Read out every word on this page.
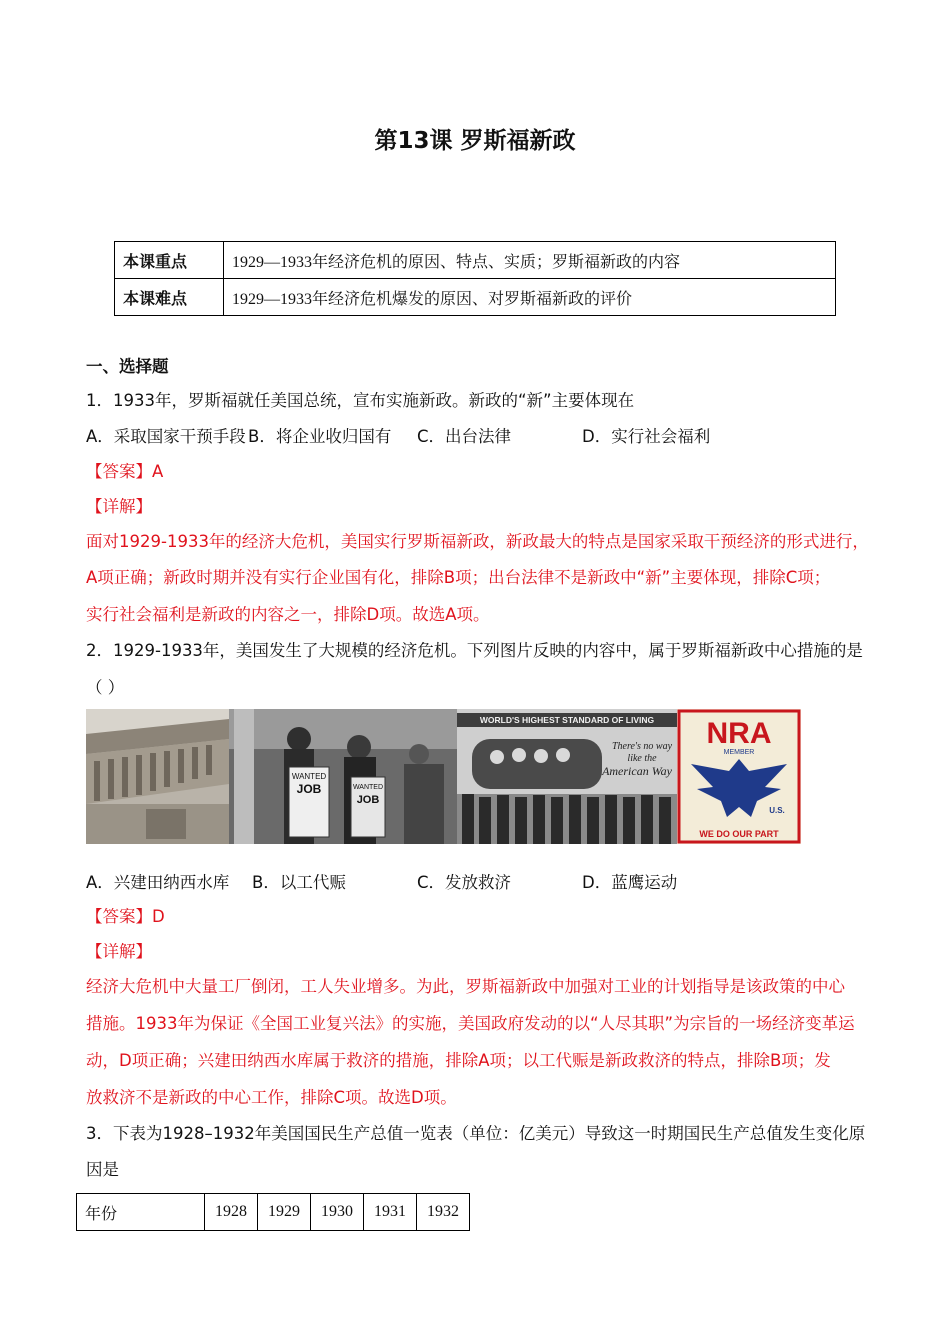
第13课 罗斯福新政
本课重点	1929—1933年经济危机的原因、特点、实质；罗斯福新政的内容
本课难点	1929—1933年经济危机爆发的原因、对罗斯福新政的评价
一、选择题
1．1933年，罗斯福就任美国总统，宣布实施新政。新政的“新”主要体现在
A．采取国家干预手段 B．将企业收归国有 C．出台法律	D．实行社会福利
【答案】A
【详解】
面对1929-1933年的经济大危机，美国实行罗斯福新政，新政最大的特点是国家采取干预经济的形式进行，
A项正确；新政时期并没有实行企业国有化，排除B项；出台法律不是新政中“新”主要体现，排除C项；
实行社会福利是新政的内容之一，排除D项。故选A项。
2．1929-1933年，美国发生了大规模的经济危机。下列图片反映的内容中，属于罗斯福新政中心措施的是
（ ）
WANTED
JOB	WANTED
JOB
WORLD'S HIGHEST STANDARD OF LIVING
There's no way
like the
American Way
NRA
MEMBER
U.S.
WE DO OUR PART
A．兴建田纳西水库 B．以工代赈	C．发放救济	D．蓝鹰运动
【答案】D
【详解】
经济大危机中大量工厂倒闭，工人失业增多。为此，罗斯福新政中加强对工业的计划指导是该政策的中心
措施。1933年为保证《全国工业复兴法》的实施，美国政府发动的以“人尽其职”为宗旨的一场经济变革运
动，D项正确；兴建田纳西水库属于救济的措施，排除A项；以工代赈是新政救济的特点，排除B项；发
放救济不是新政的中心工作，排除C项。故选D项。
3．下表为1928–1932年美国国民生产总值一览表（单位：亿美元）导致这一时期国民生产总值发生变化原
因是
年份	1928	1929	1930	1931	1932
